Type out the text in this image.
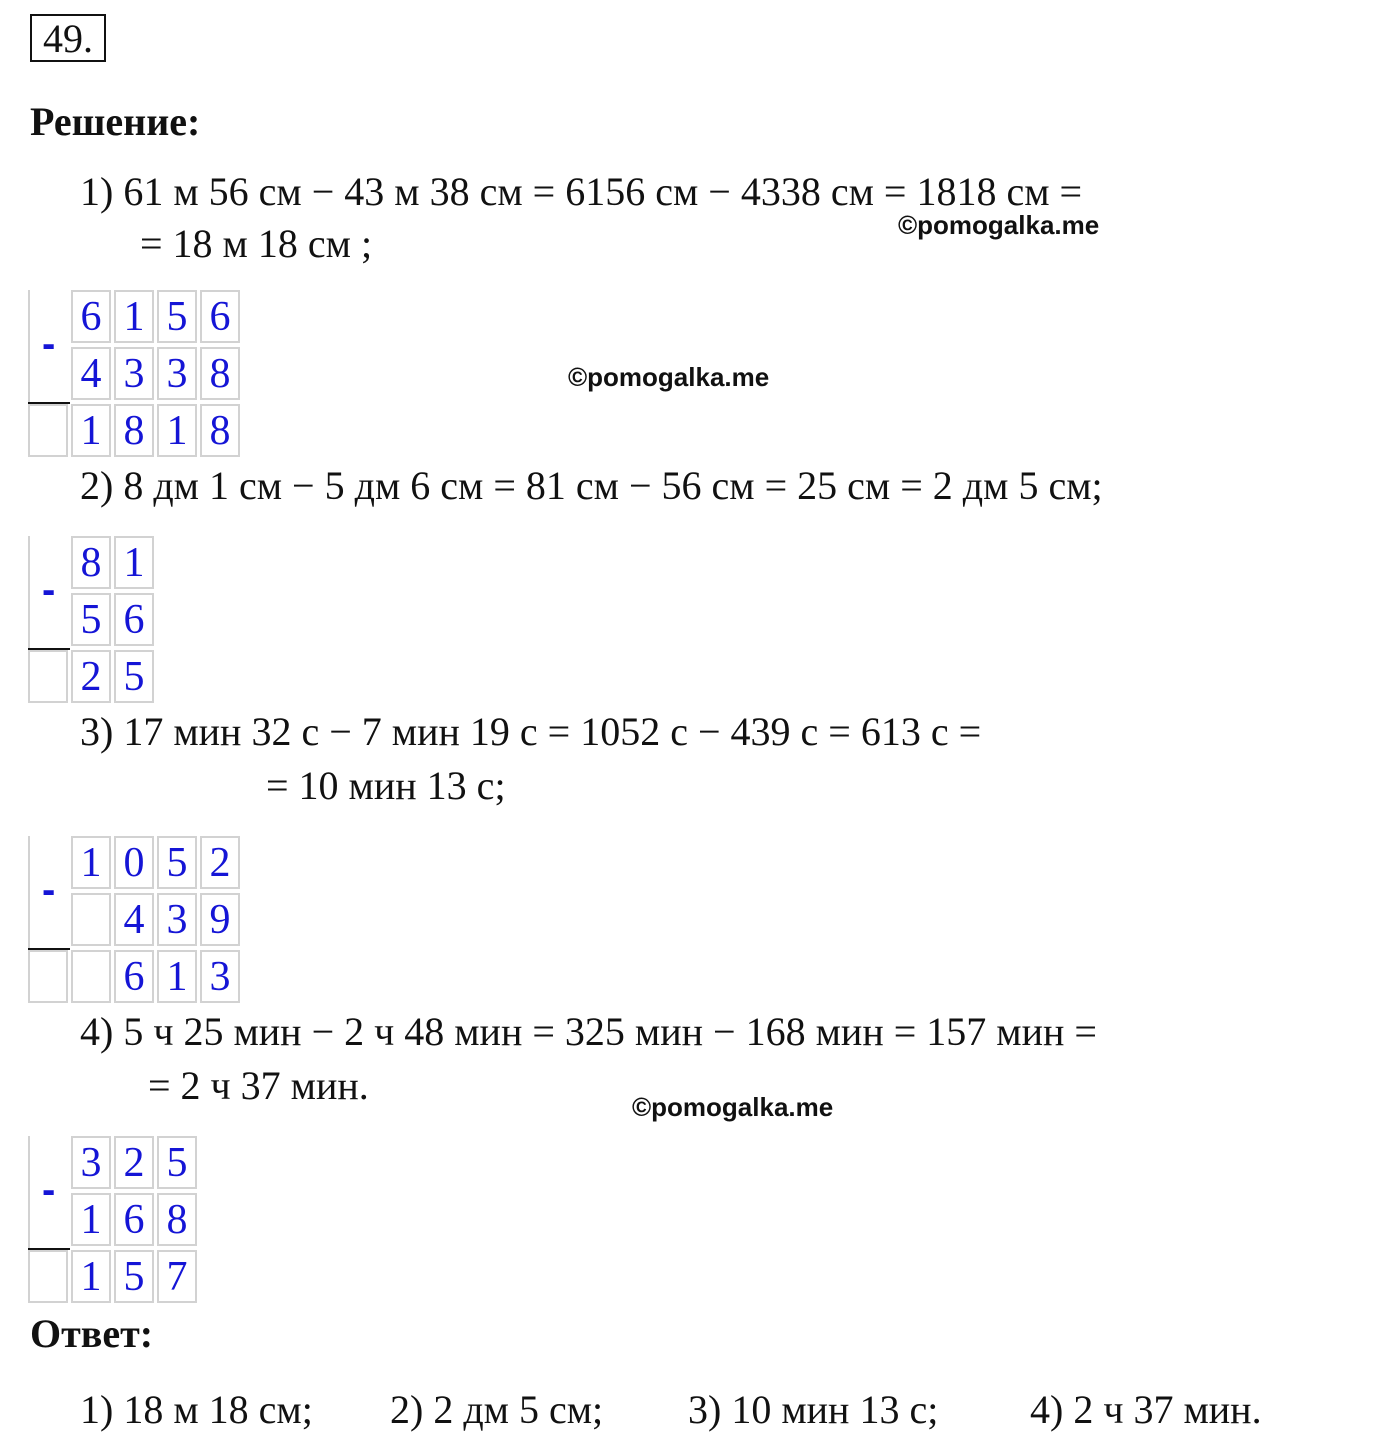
49.
Решение:
1) 61 м 56 см − 43 м 38 см = 6156 см − 4338 см = 1818 см =
= 18 м 18 см ;	©pomogalka.me
-
6 1 5 6
4 3 3 8
1 8 1 8
©pomogalka.me
2) 8 дм 1 см − 5 дм 6 см = 81 см − 56 см = 25 см = 2 дм 5 см;
-
8 1
5 6
2 5
3) 17 мин 32 с − 7 мин 19 с = 1052 с − 439 с = 613 с =
= 10 мин 13 с;
-
1 0 5 2
4 3 9
6 1 3
4) 5 ч 25 мин − 2 ч 48 мин = 325 мин − 168 мин = 157 мин =
= 2 ч 37 мин.	©pomogalka.me
-
3 2 5
1 6 8
1 5 7
Ответ:
1) 18 м 18 см; 2) 2 дм 5 см; 3) 10 мин 13 с; 4) 2 ч 37 мин.
